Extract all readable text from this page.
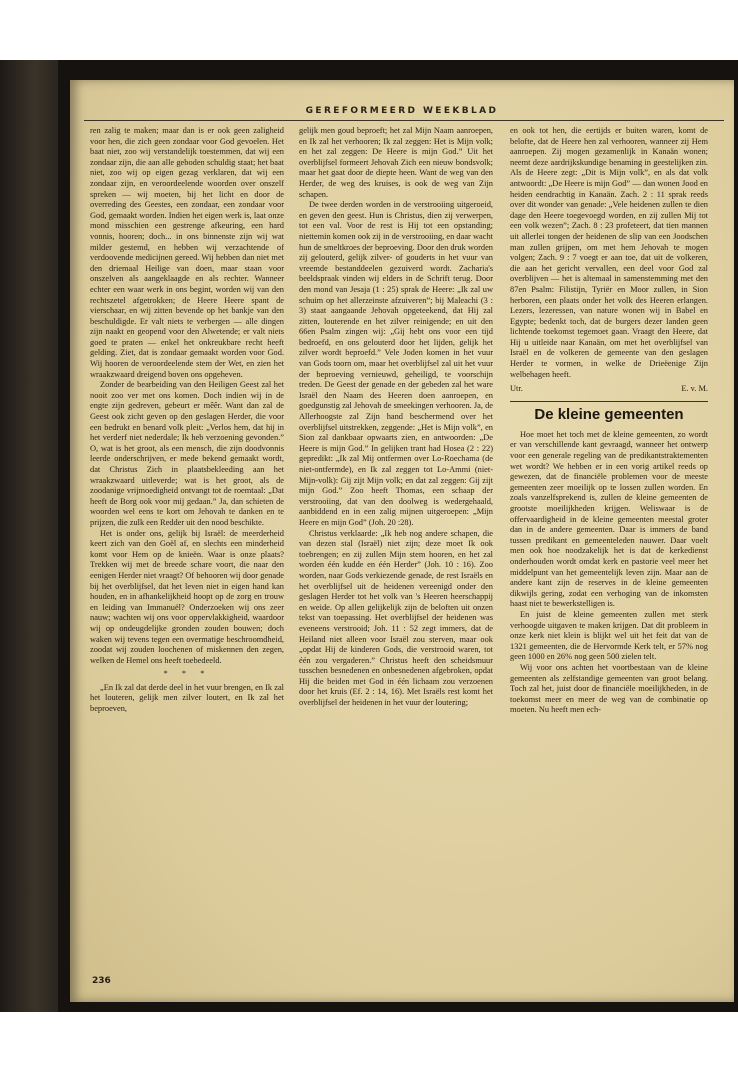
GEREFORMEERD WEEKBLAD

ren zalig te maken; maar dan is er ook geen zaligheid voor hen, die zich geen zondaar voor God gevoelen. Het baat niet, zoo wij verstandelijk toestemmen, dat wij een zondaar zijn, die aan alle geboden schuldig staat; het baat niet, zoo wij op eigen gezag verklaren, dat wij een zondaar zijn, en veroordeelende woorden over onszelf spreken — wij moeten, bij het licht en door de overreding des Geestes, een zondaar, een zondaar voor God, gemaakt worden. Indien het eigen werk is, laat onze mond misschien een gestrenge afkeuring, een hard vonnis, hooren; doch... in ons binnenste zijn wij wat milder gestemd, en hebben wij verzachtende of verdoovende medicijnen gereed. Wij hebben dan niet met den driemaal Heilige van doen, maar staan voor onszelven als aangeklaagde en als rechter. Wanneer echter een waar werk in ons begint, worden wij van den rechtszetel afgetrokken; de Heere Heere spant de vierschaar, en wij zitten bevende op het bankje van den beschuldigde. Er valt niets te verbergen — alle dingen zijn naakt en geopend voor den Alwetende; er valt niets goed te praten — enkel het onkreukbare recht heeft gelding. Ziet, dat is zondaar gemaakt worden voor God. Wij hooren de veroordeelende stem der Wet, en zien het wraakzwaard dreigend boven ons opgeheven.

Zonder de bearbeiding van den Heiligen Geest zal het nooit zoo ver met ons komen. Doch indien wij in de engte zijn gedreven, gebeurt er mêêr. Want dan zal de Geest ook zicht geven op den geslagen Herder, die voor een bedrukt en benard volk pleit: „Verlos hem, dat hij in het verderf niet nederdale; Ik heb verzoening gevonden.” O, wat is het groot, als een mensch, die zijn doodvonnis leerde onderschrijven, er mede bekend gemaakt wordt, dat Christus Zich in plaatsbekleeding aan het wraakzwaard uitleverde; wat is het groot, als de zoodanige vrijmoedigheid ontvangt tot de roemtaal: „Dat heeft de Borg ook voor mij gedaan.” Ja, dan schieten de woorden wel eens te kort om Jehovah te danken en te prijzen, die zulk een Redder uit den nood beschikte.

Het is onder ons, gelijk bij Israël: de meerderheid keert zich van den Goël af, en slechts een minderheid komt voor Hem op de knieën. Waar is onze plaats? Trekken wij met de breede schare voort, die naar den eenigen Herder niet vraagt? Of behooren wij door genade bij het overblijfsel, dat het leven niet in eigen hand kan houden, en in afhankelijkheid hoopt op de zorg en trouw en leiding van Immanuël? Onderzoeken wij ons zeer nauw; wachten wij ons voor oppervlakkigheid, waardoor wij op ondeugdelijke gronden zouden bouwen; doch waken wij tevens tegen een overmatige beschroomdheid, zoodat wij zouden loochenen of miskennen den zegen, welken de Hemel ons heeft toebedeeld.

* * *

„En Ik zal dat derde deel in het vuur brengen, en Ik zal het louteren, gelijk men zilver loutert, en Ik zal het beproeven,

gelijk men goud beproeft; het zal Mijn Naam aanroepen, en Ik zal het verhooren; Ik zal zeggen: Het is Mijn volk; en het zal zeggen: De Heere is mijn God.” Uit het overblijfsel formeert Jehovah Zich een nieuw bondsvolk; maar het gaat door de diepte heen. Want de weg van den Herder, de weg des kruises, is ook de weg van Zijn schapen.

De twee derden worden in de verstrooiing uitgeroeid, en geven den geest. Hun is Christus, dien zij verwerpen, tot een val. Voor de rest is Hij tot een opstanding; niettemin komen ook zij in de verstrooiing, en daar wacht hun de smeltkroes der beproeving. Door den druk worden zij gelouterd, gelijk zilver- of gouderts in het vuur van vreemde bestanddeelen gezuiverd wordt. Zacharia's beeldspraak vinden wij elders in de Schrift terug. Door den mond van Jesaja (1 : 25) sprak de Heere: „Ik zal uw schuim op het allerzeinste afzuiveren”; bij Maleachi (3 : 3) staat aangaande Jehovah opgeteekend, dat Hij zal zitten, louterende en het zilver reinigende; en uit den 66en Psalm zingen wij: „Gij hebt ons voor een tijd bedroefd, en ons gelouterd door het lijden, gelijk het zilver wordt beproefd.” Vele Joden komen in het vuur van Gods toorn om, maar het overblijfsel zal uit het vuur der beproeving vernieuwd, geheiligd, te voorschijn treden. De Geest der genade en der gebeden zal het ware Israël den Naam des Heeren doen aanroepen, en goedgunstig zal Jehovah de smeekingen verhooren. Ja, de Allerhoogste zal Zijn hand beschermend over het overblijfsel uitstrekken, zeggende: „Het is Mijn volk”, en Sion zal dankbaar opwaarts zien, en antwoorden: „De Heere is mijn God.” In gelijken trant had Hosea (2 : 22) gepredikt: „Ik zal Mij ontfermen over Lo-Roechama (de niet-ontfermde), en Ik zal zeggen tot Lo-Ammi (niet-Mijn-volk): Gij zijt Mijn volk; en dat zal zeggen: Gij zijt mijn God.” Zoo heeft Thomas, een schaap der verstrooiing, dat van den doolweg is wedergehaald, aanbiddend en in een zalig mijnen uitgeroepen: „Mijn Heere en mijn God” (Joh. 20 :28).

Christus verklaarde: „Ik heb nog andere schapen, die van dezen stal (Israël) niet zijn; deze moet Ik ook toebrengen; en zij zullen Mijn stem hooren, en het zal worden één kudde en één Herder” (Joh. 10 : 16). Zoo worden, naar Gods verkiezende genade, de rest Israëls en het overblijfsel uit de heidenen vereenigd onder den geslagen Herder tot het volk van 's Heeren heerschappij en weide. Op allen gelijkelijk zijn de beloften uit onzen tekst van toepassing. Het overblijfsel der heidenen was eveneens verstrooid; Joh. 11 : 52 zegt immers, dat de Heiland niet alleen voor Israël zou sterven, maar ook „opdat Hij de kinderen Gods, die verstrooid waren, tot één zou vergaderen.” Christus heeft den scheidsmuur tusschen besnedenen en onbesnedenen afgebroken, opdat Hij die beiden met God in één lichaam zou verzoenen door het kruis (Ef. 2 : 14, 16). Met Israëls rest komt het overblijfsel der heidenen in het vuur der loutering;

en ook tot hen, die eertijds er buiten waren, komt de belofte, dat de Heere hen zal verhooren, wanneer zij Hem aanroepen. Zij mogen gezamenlijk in Kanaän wonen; neemt deze aardrijkskundige benaming in geestelijken zin. Als de Heere zegt: „Dit is Mijn volk”, en als dat volk antwoordt: „De Heere is mijn God” — dan wonen Jood en heiden eendrachtig in Kanaän. Zach. 2 : 11 sprak reeds over dit wonder van genade: „Vele heidenen zullen te dien dage den Heere toegevoegd worden, en zij zullen Mij tot een volk wezen”; Zach. 8 : 23 profeteert, dat tien mannen uit allerlei tongen der heidenen de slip van een Joodschen man zullen grijpen, om met hem Jehovah te mogen volgen; Zach. 9 : 7 voegt er aan toe, dat uit de volkeren, die aan het gericht vervallen, een deel voor God zal overblijven — het is altemaal in samenstemming met den 87en Psalm: Filistijn, Tyriër en Moor zullen, in Sion herboren, een plaats onder het volk des Heeren erlangen. Lezers, lezeressen, van nature wonen wij in Babel en Egypte; bedenkt toch, dat de burgers dezer landen geen lichtende toekomst tegemoet gaan. Vraagt den Heere, dat Hij u uitleide naar Kanaän, om met het overblijfsel van Israël en de volkeren de gemeente van den geslagen Herder te vormen, in welke de Drieëenige Zijn welbehagen heeft.

Utr.	E. v. M.
De kleine gemeenten

Hoe moet het toch met de kleine gemeenten, zo wordt er van verschillende kant gevraagd, wanneer het ontwerp voor een generale regeling van de predikantstraktementen wet wordt? We hebben er in een vorig artikel reeds op gewezen, dat de financiële problemen voor de meeste gemeenten zeer moeilijk op te lossen zullen worden. En zoals vanzelfsprekend is, zullen de kleine gemeenten de grootste moeilijkheden krijgen. Weliswaar is de offervaardigheid in de kleine gemeenten meestal groter dan in de andere gemeenten. Daar is immers de band tussen predikant en gemeenteleden nauwer. Daar voelt men ook hoe noodzakelijk het is dat de kerkedienst onderhouden wordt omdat kerk en pastorie veel meer het middelpunt van het gemeentelijk leven zijn. Maar aan de andere kant zijn de reserves in de kleine gemeenten dikwijls gering, zodat een verhoging van de inkomsten haast niet te bewerkstelligen is.

En juist de kleine gemeenten zullen met sterk verhoogde uitgaven te maken krijgen. Dat dit probleem in onze kerk niet klein is blijkt wel uit het feit dat van de 1321 gemeenten, die de Hervormde Kerk telt, er 57% nog geen 1000 en 26% nog geen 500 zielen telt.

Wij voor ons achten het voortbestaan van de kleine gemeenten als zelfstandige gemeenten van groot belang. Toch zal het, juist door de financiële moeilijkheden, in de toekomst meer en meer de weg van de combinatie op moeten. Nu heeft men ech-

236
